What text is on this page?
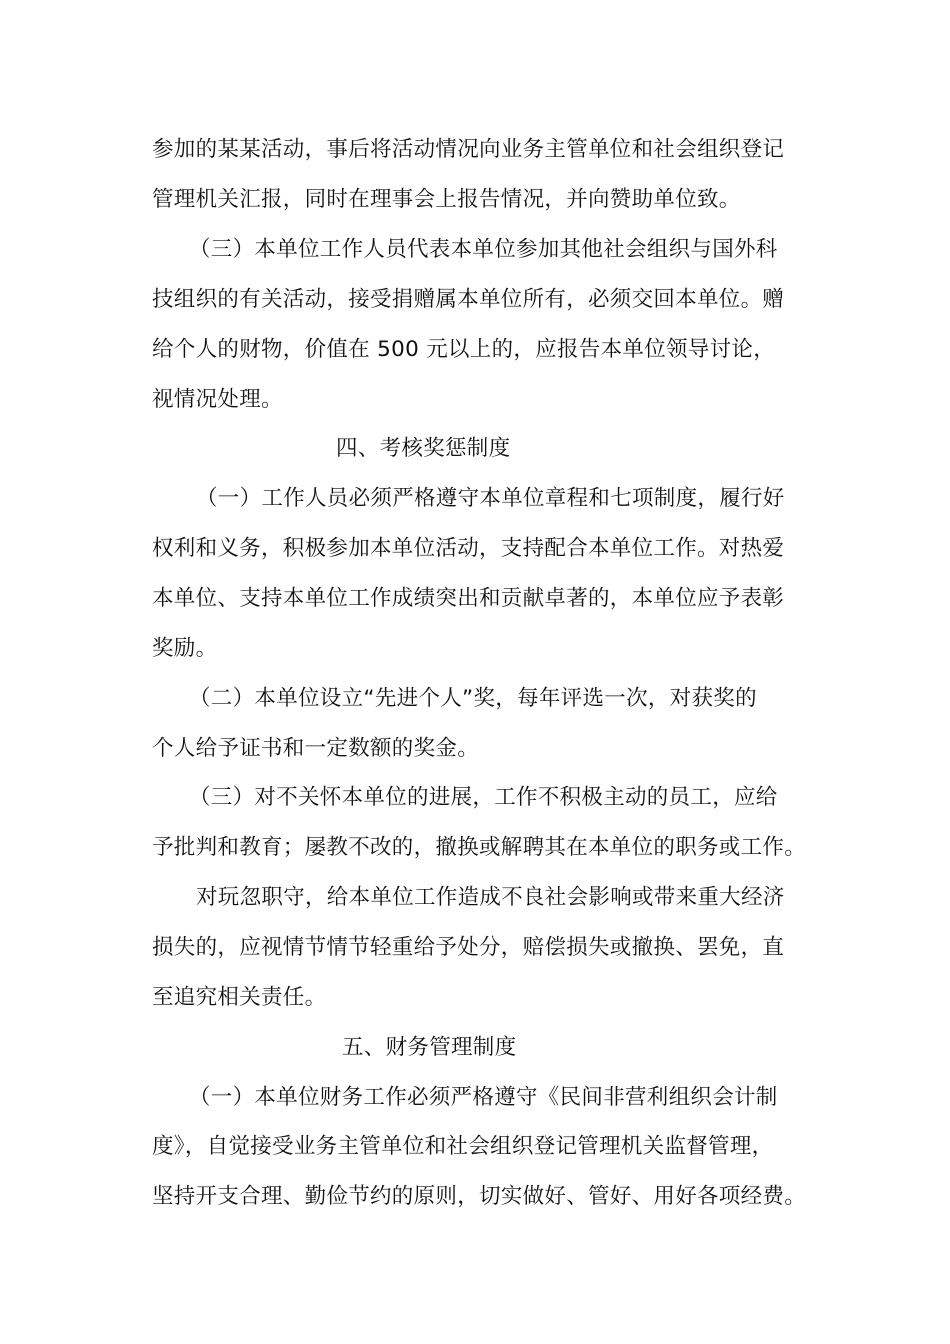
参加的某某活动，事后将活动情况向业务主管单位和社会组织登记
管理机关汇报，同时在理事会上报告情况，并向赞助单位致。
（三）本单位工作人员代表本单位参加其他社会组织与国外科
技组织的有关活动，接受捐赠属本单位所有，必须交回本单位。赠
给个人的财物，价值在 500 元以上的，应报告本单位领导讨论，
视情况处理。
四、考核奖惩制度
（一）工作人员必须严格遵守本单位章程和七项制度，履行好
权利和义务，积极参加本单位活动，支持配合本单位工作。对热爱
本单位、支持本单位工作成绩突出和贡献卓著的，本单位应予表彰
奖励。
（二）本单位设立“先进个人”奖，每年评选一次，对获奖的
个人给予证书和一定数额的奖金。
（三）对不关怀本单位的进展，工作不积极主动的员工，应给
予批判和教育；屡教不改的，撤换或解聘其在本单位的职务或工作。
对玩忽职守，给本单位工作造成不良社会影响或带来重大经济
损失的，应视情节情节轻重给予处分，赔偿损失或撤换、罢免，直
至追究相关责任。
五、财务管理制度
（一）本单位财务工作必须严格遵守《民间非营利组织会计制
度》，自觉接受业务主管单位和社会组织登记管理机关监督管理，
坚持开支合理、勤俭节约的原则，切实做好、管好、用好各项经费。
